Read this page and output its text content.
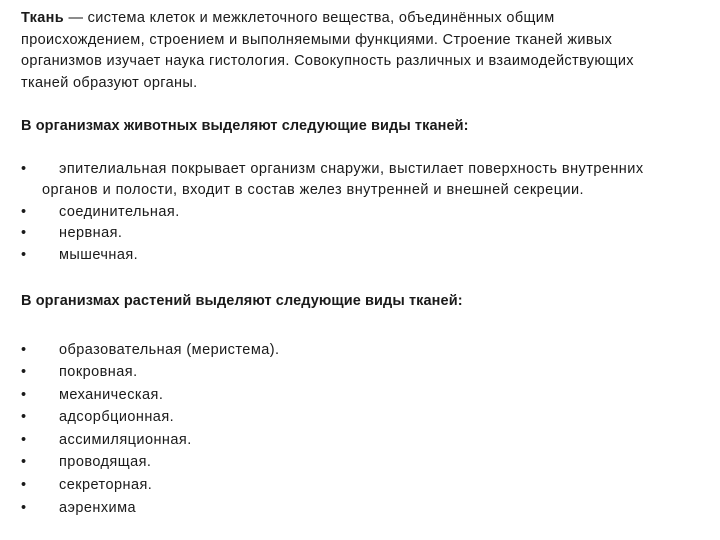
Ткань — система клеток и межклеточного вещества, объединённых общим
происхождением, строением и выполняемыми функциями. Строение тканей живых
организмов изучает наука гистология. Совокупность различных и взаимодействующих
тканей образуют органы.

В организмах животных выделяют следующие виды тканей:

•	эпителиальная покрывает организм снаружи, выстилает поверхность внутренних
органов и полости, входит в состав желез внутренней и внешней секреции.
•	соединительная.
•	нервная.
•	мышечная.

В организмах растений выделяют следующие виды тканей:

•	образовательная (меристема).
•	покровная.
•	механическая.
•	адсорбционная.
•	ассимиляционная.
•	проводящая.
•	секреторная.
•	аэренхима
